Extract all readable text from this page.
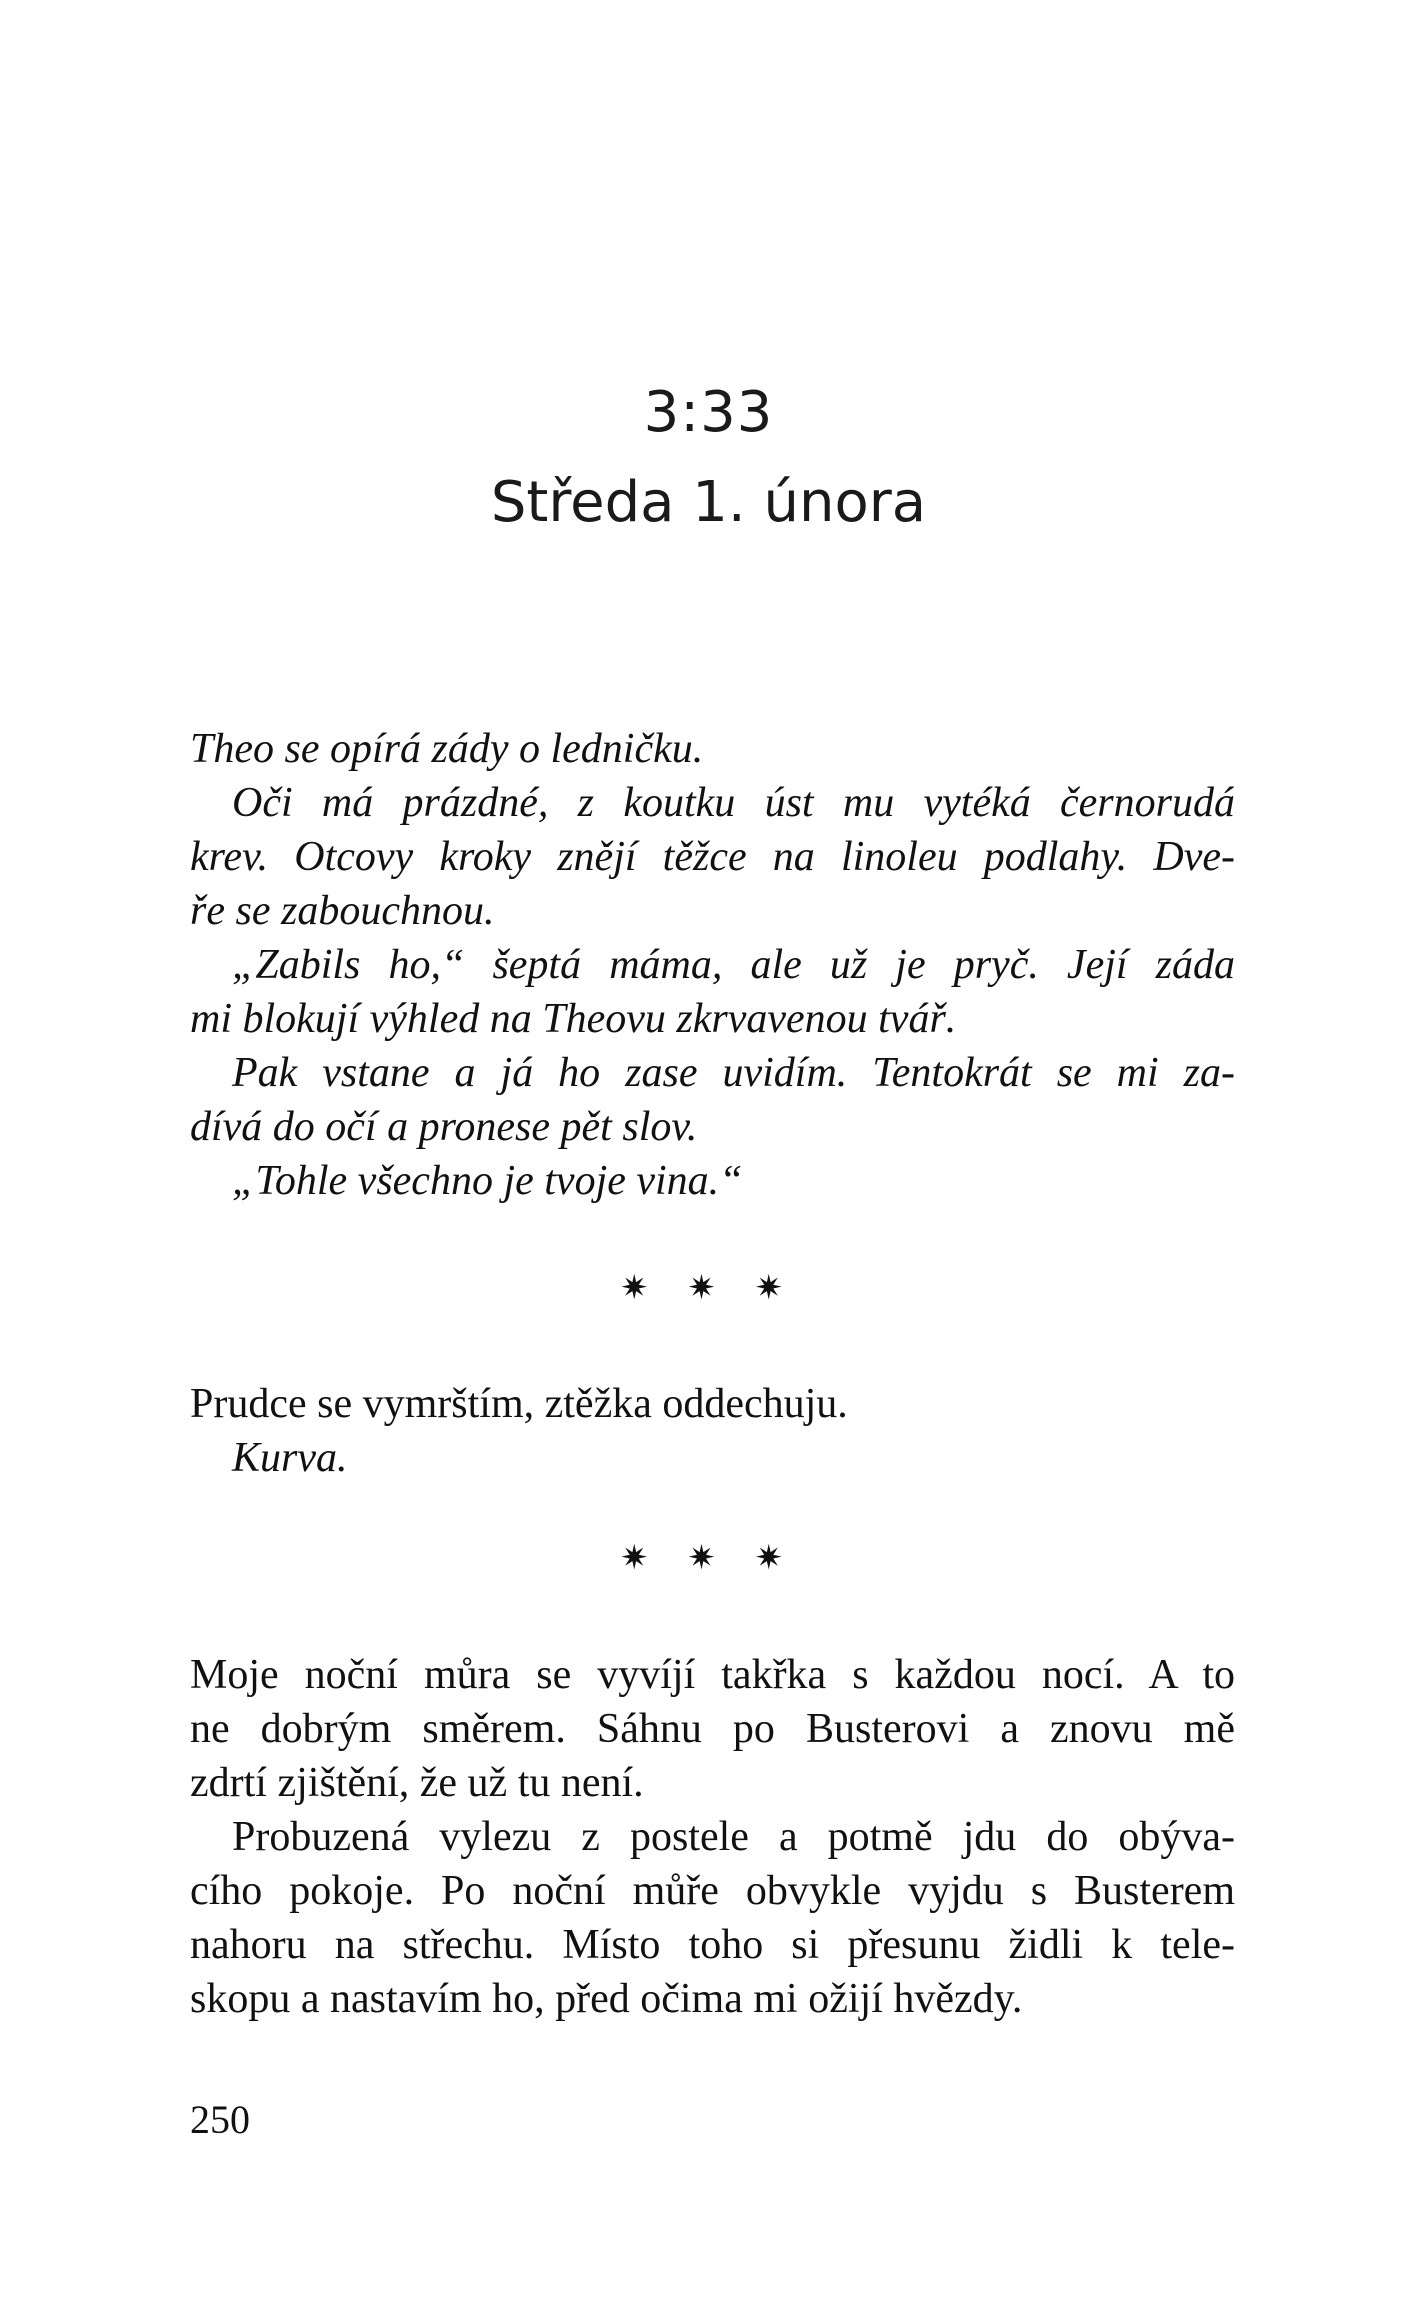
3:33
Středa 1. února
Theo se opírá zády o ledničku.
Oči má prázdné, z koutku úst mu vytéká černorudá
krev. Otcovy kroky znějí těžce na linoleu podlahy. Dve-
ře se zabouchnou.
„Zabils ho,“ šeptá máma, ale už je pryč. Její záda
mi blokují výhled na Theovu zkrvavenou tvář.
Pak vstane a já ho zase uvidím. Tentokrát se mi za-
dívá do očí a pronese pět slov.
„Tohle všechno je tvoje vina.“
✷ ✷ ✷
Prudce se vymrštím, ztěžka oddechuju.
Kurva.
✷ ✷ ✷
Moje noční můra se vyvíjí takřka s každou nocí. A to
ne dobrým směrem. Sáhnu po Busterovi a znovu mě
zdrtí zjištění, že už tu není.
Probuzená vylezu z postele a potmě jdu do obýva-
cího pokoje. Po noční můře obvykle vyjdu s Busterem
nahoru na střechu. Místo toho si přesunu židli k tele-
skopu a nastavím ho, před očima mi ožijí hvězdy.
250
